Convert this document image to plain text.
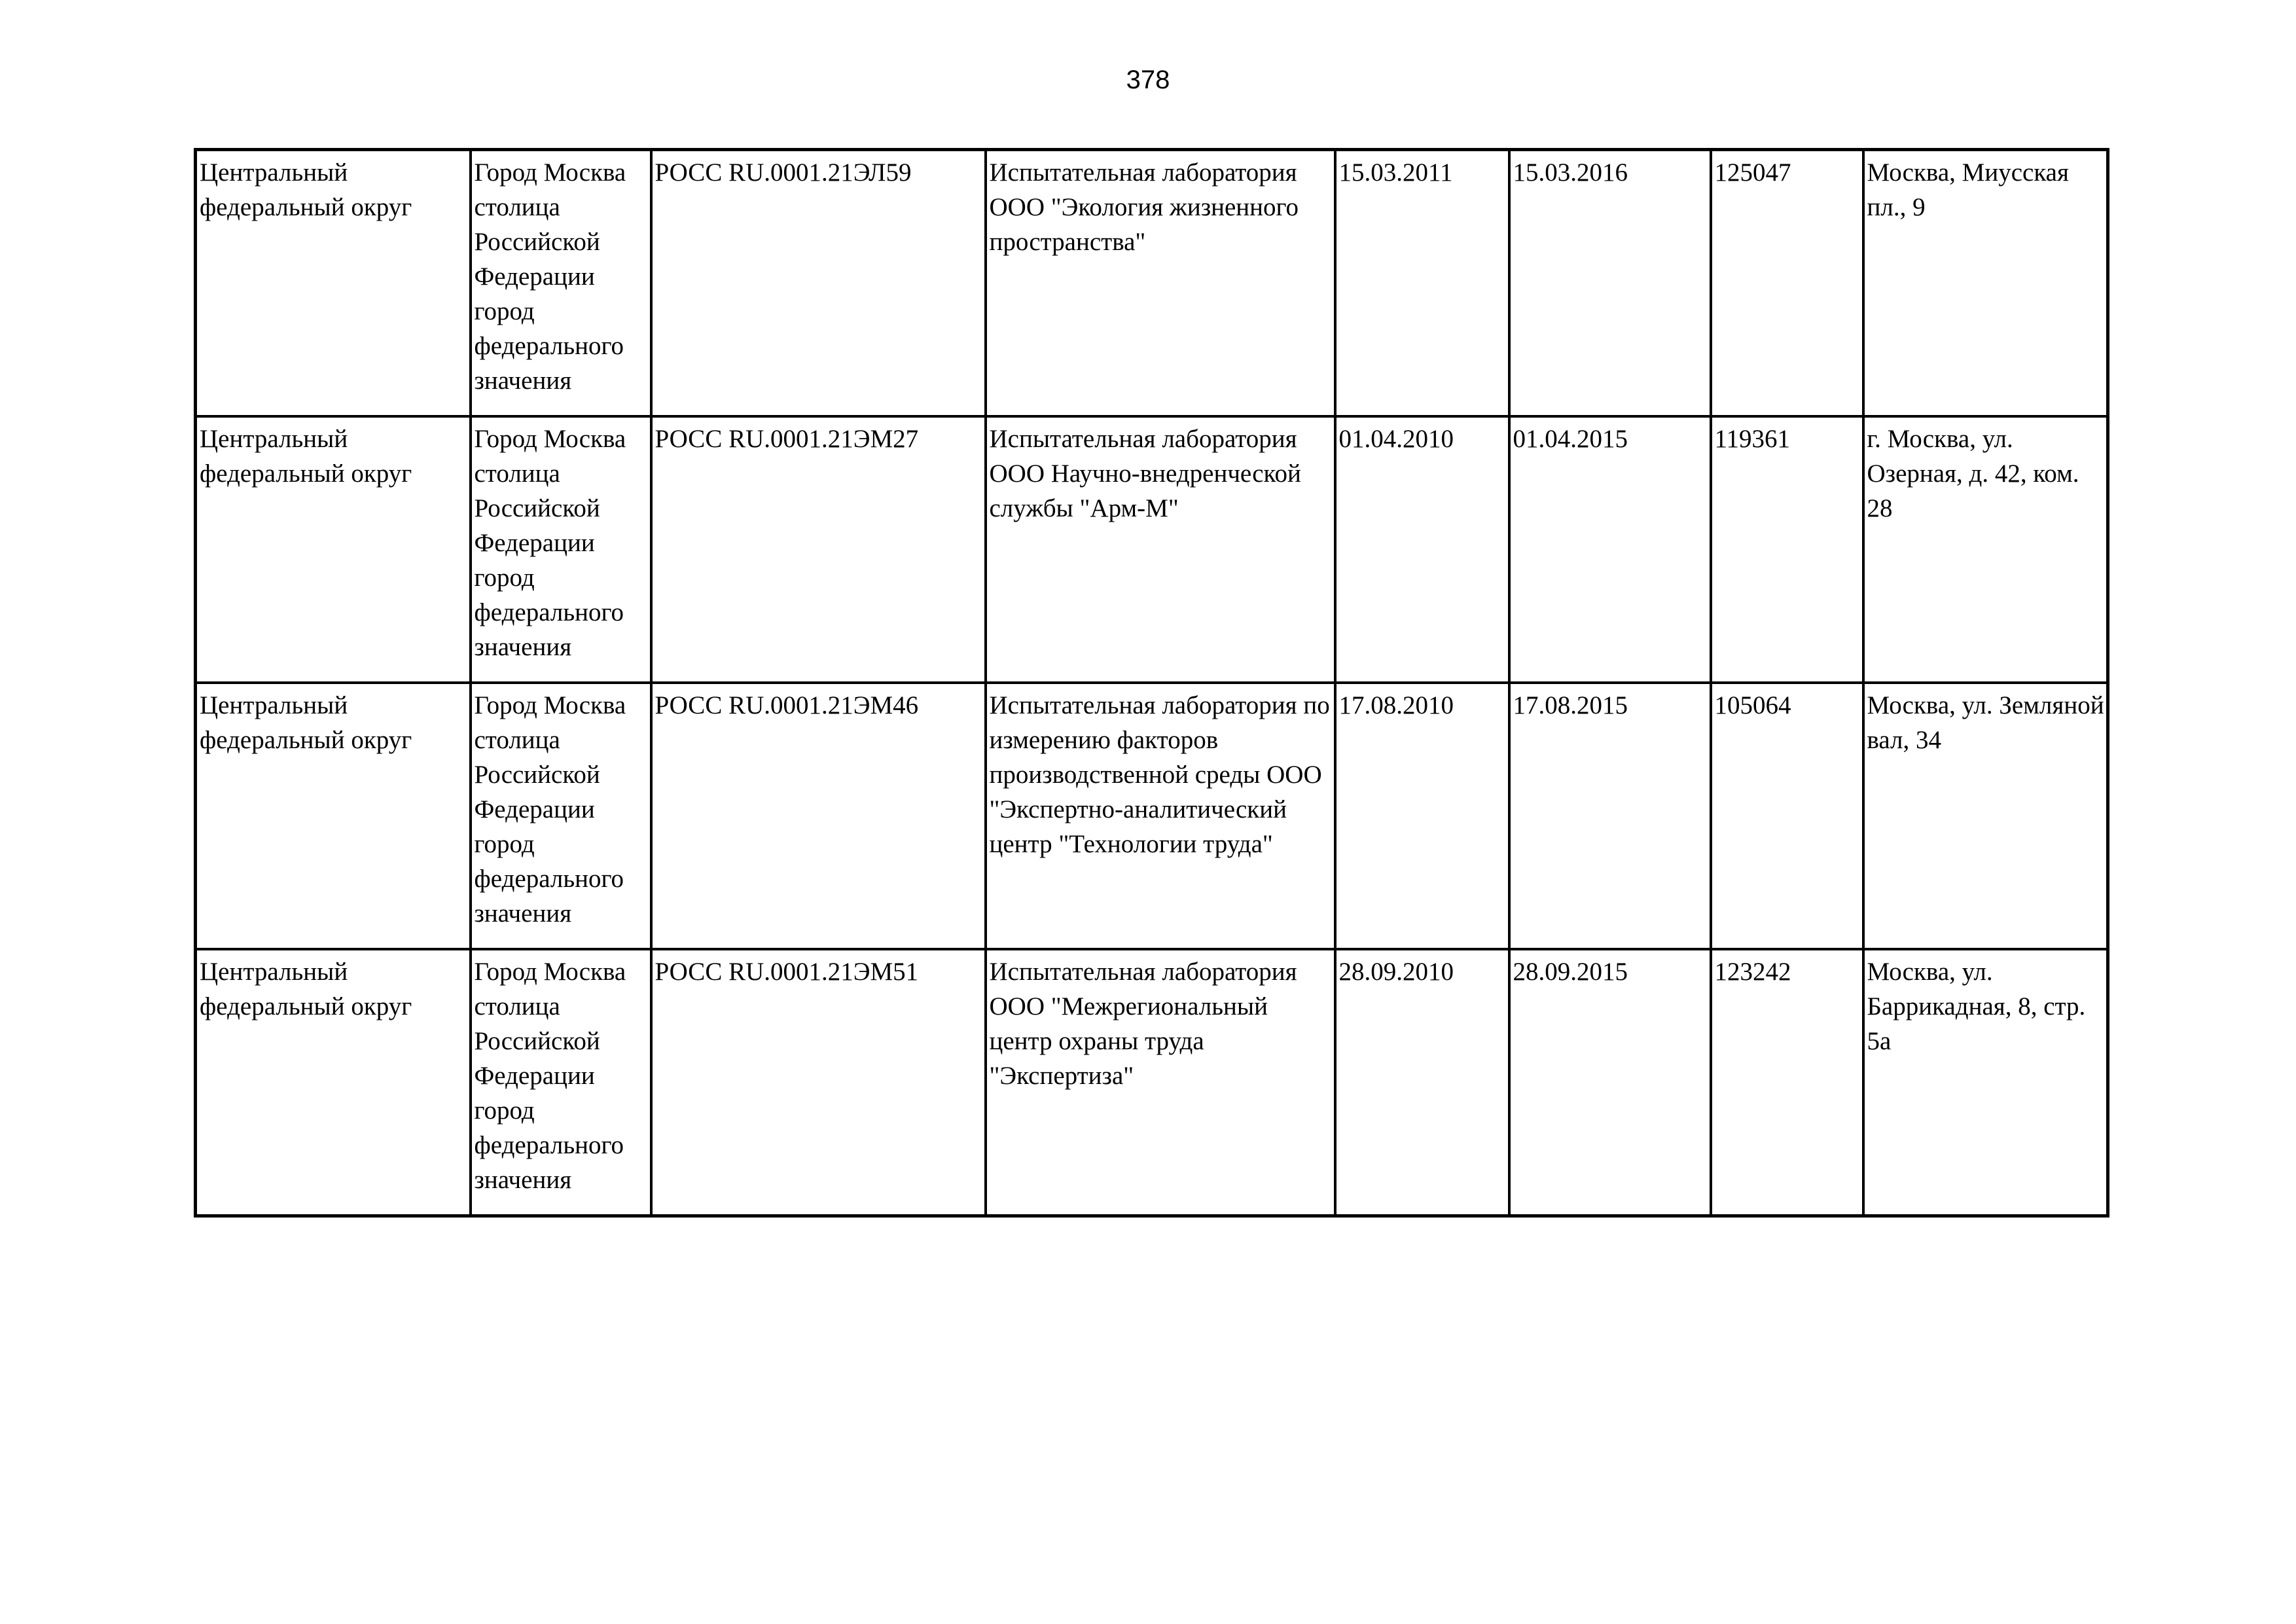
378
Центральный федеральный округ	Город Москва столица Российской Федерации город федерального значения	РОСС RU.0001.21ЭЛ59	Испытательная лаборатория ООО "Экология жизненного пространства"	15.03.2011	15.03.2016	125047	Москва, Миусская пл., 9

Центральный федеральный округ	Город Москва столица Российской Федерации город федерального значения	РОСС RU.0001.21ЭМ27	Испытательная лаборатория ООО Научно-внедренческой службы "Арм-М"	01.04.2010	01.04.2015	119361	г. Москва, ул. Озерная, д. 42, ком. 28

Центральный федеральный округ	Город Москва столица Российской Федерации город федерального значения	РОСС RU.0001.21ЭМ46	Испытательная лаборатория по измерению факторов производственной среды ООО "Экспертно-аналитический центр "Технологии труда"	17.08.2010	17.08.2015	105064	Москва, ул. Земляной вал, 34

Центральный федеральный округ	Город Москва столица Российской Федерации город федерального значения	РОСС RU.0001.21ЭМ51	Испытательная лаборатория ООО "Межрегиональный центр охраны труда "Экспертиза"	28.09.2010	28.09.2015	123242	Москва, ул. Баррикадная, 8, стр. 5а
